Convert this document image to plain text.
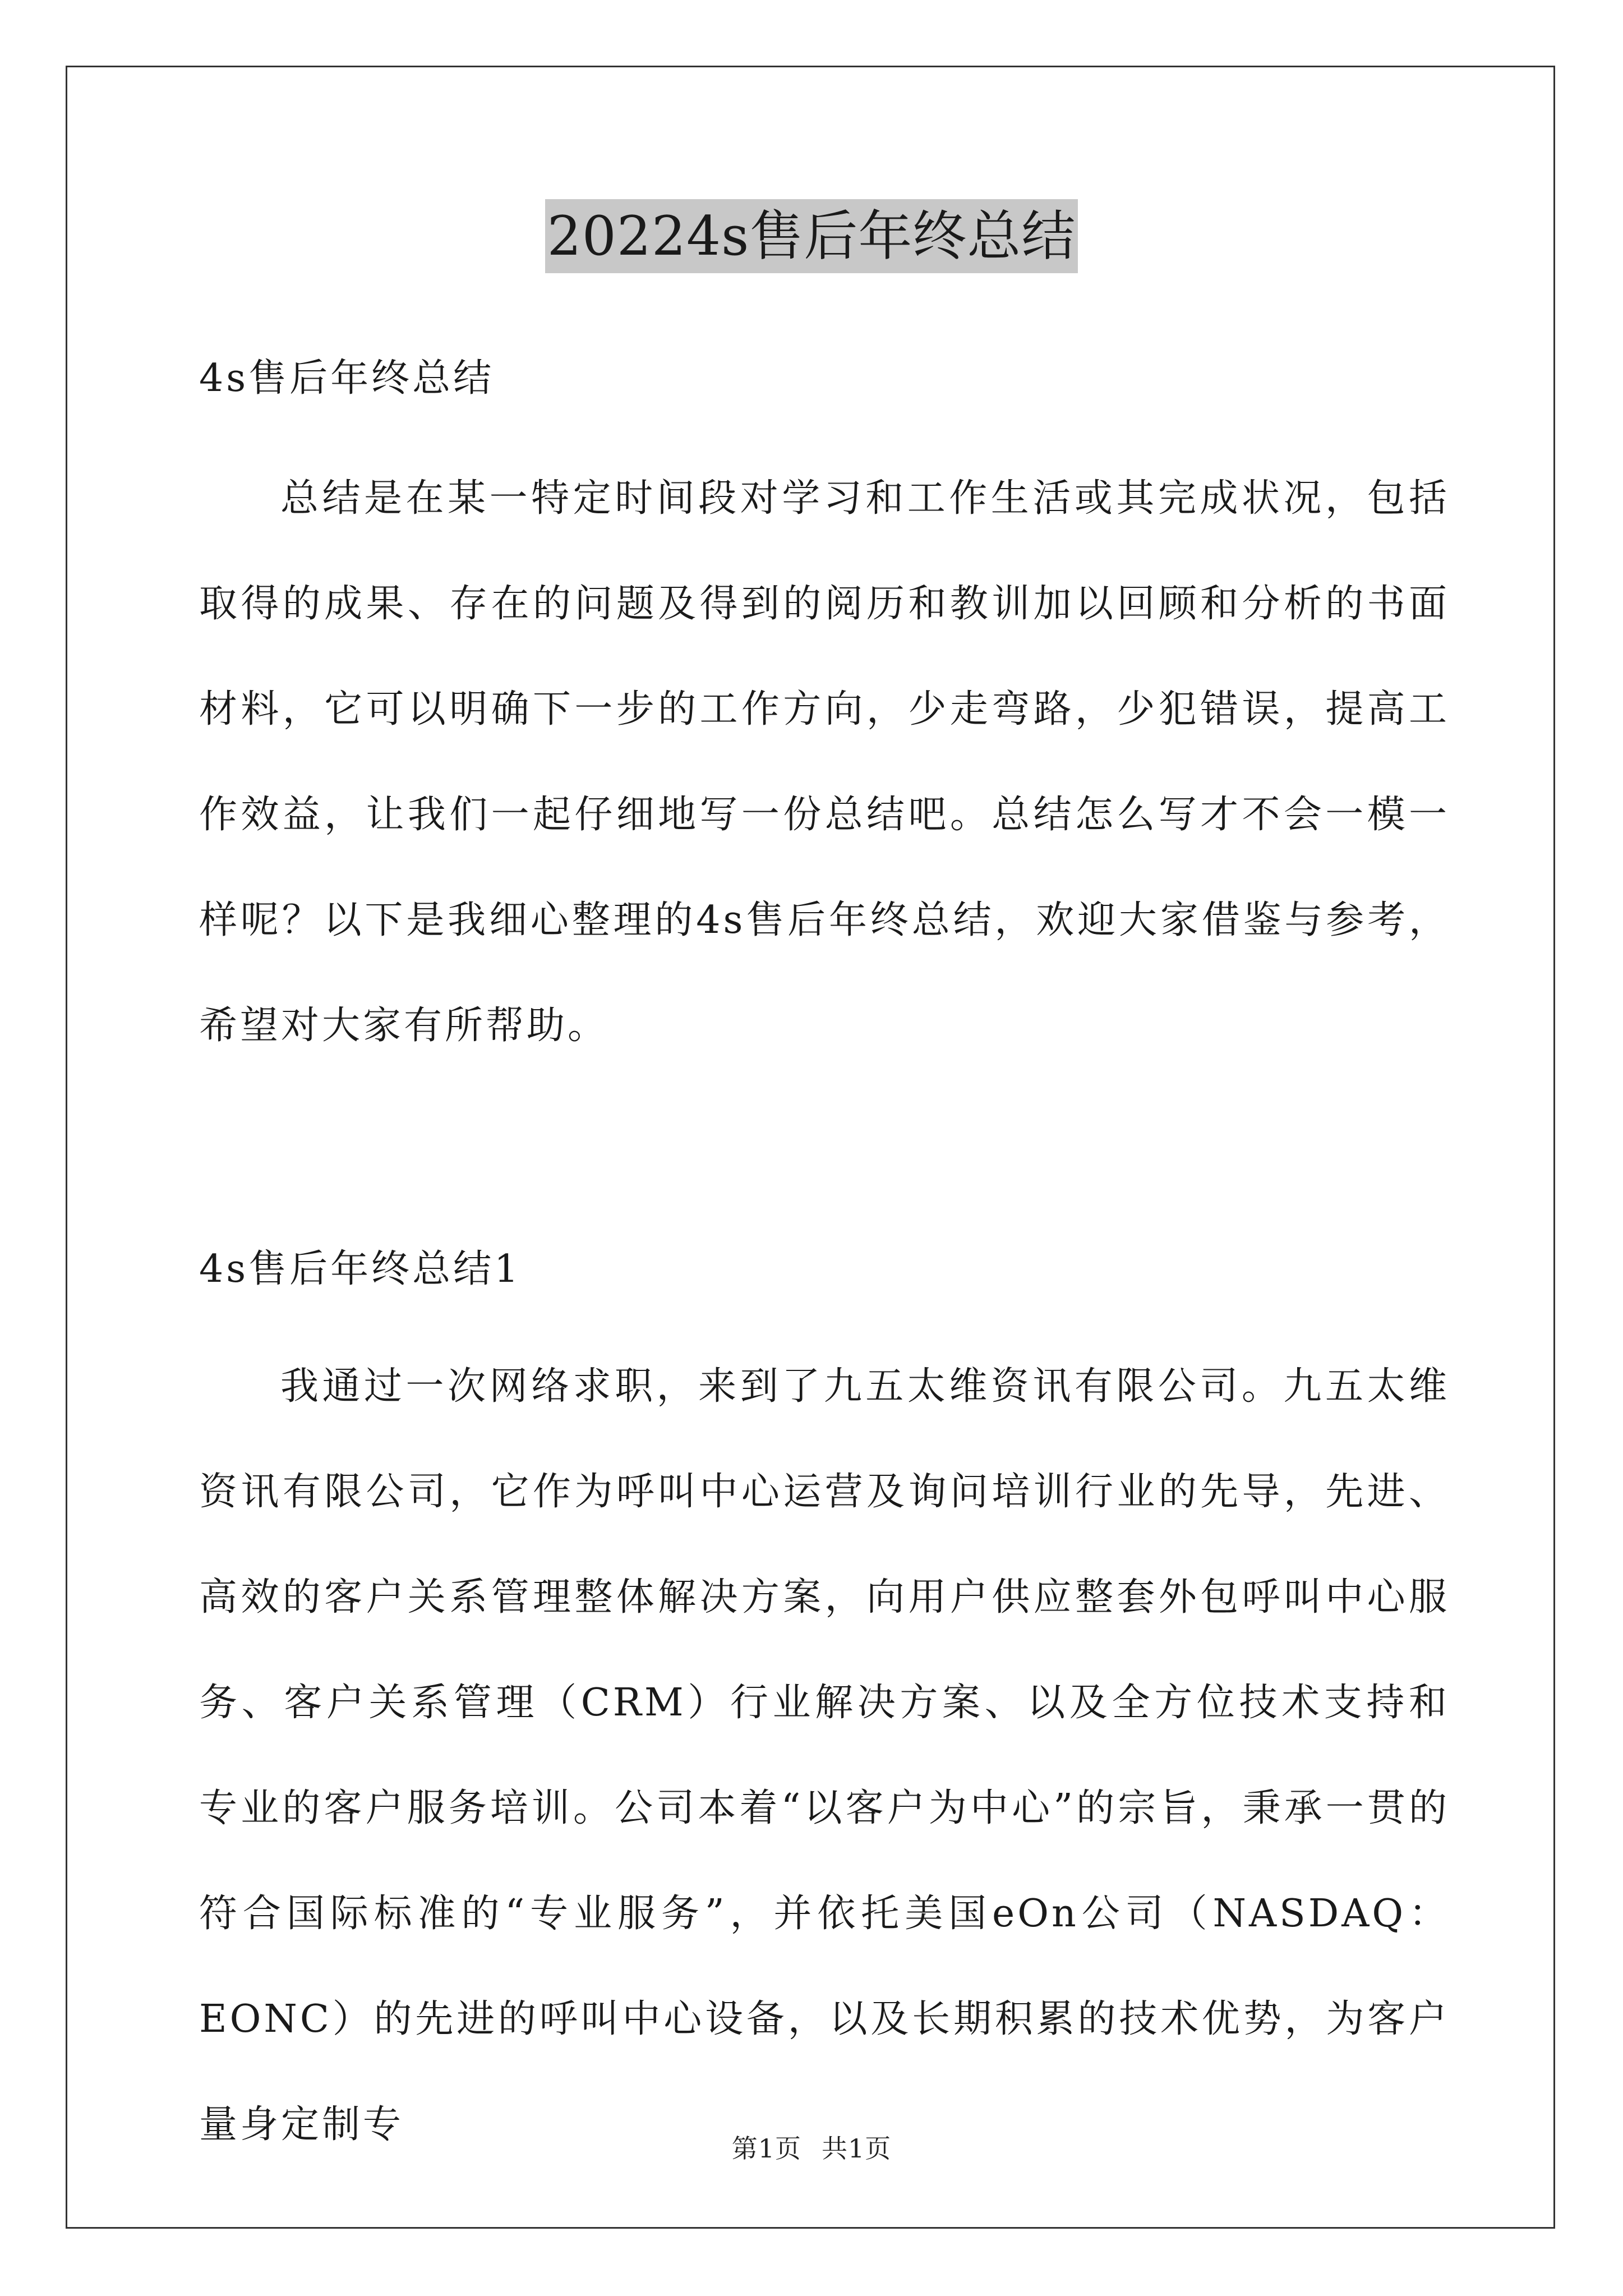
20224s售后年终总结

4s售后年终总结

总结是在某一特定时间段对学习和工作生活或其完成状况，包括取得的成果、存在的问题及得到的阅历和教训加以回顾和分析的书面材料，它可以明确下一步的工作方向，少走弯路，少犯错误，提高工作效益，让我们一起仔细地写一份总结吧。总结怎么写才不会一模一样呢？以下是我细心整理的4s售后年终总结，欢迎大家借鉴与参考，希望对大家有所帮助。

4s售后年终总结1

我通过一次网络求职，来到了九五太维资讯有限公司。九五太维资讯有限公司，它作为呼叫中心运营及询问培训行业的先导，先进、高效的客户关系管理整体解决方案，向用户供应整套外包呼叫中心服务、客户关系管理（CRM）行业解决方案、以及全方位技术支持和专业的客户服务培训。公司本着“以客户为中心”的宗旨，秉承一贯的符合国际标准的“专业服务”，并依托美国eOn公司（NASDAQ：EONC）的先进的呼叫中心设备，以及长期积累的技术优势，为客户量身定制专

第1页 共1页
